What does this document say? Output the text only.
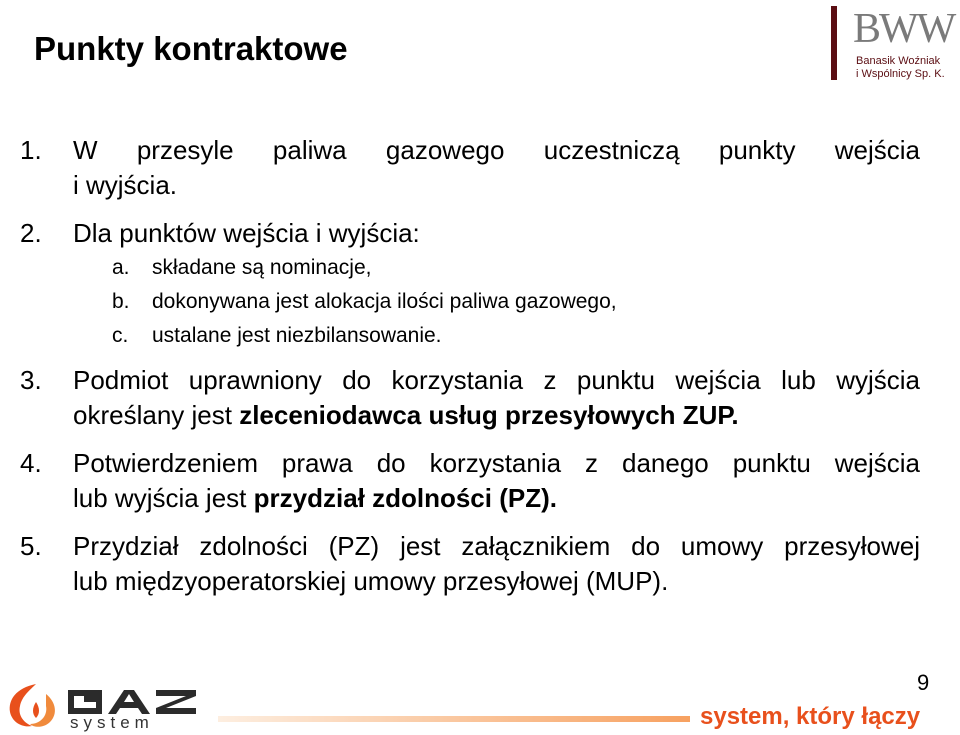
Punkty kontraktowe	BWW
Banasik Woźniak
i Wspólnicy Sp. K.
1. W przesyle paliwa gazowego uczestniczą punkty wejścia
i wyjścia.
2. Dla punktów wejścia i wyjścia:
a. składane są nominacje,
b. dokonywana jest alokacja ilości paliwa gazowego,
c. ustalane jest niezbilansowanie.
3. Podmiot uprawniony do korzystania z punktu wejścia lub wyjścia
określany jest zleceniodawca usług przesyłowych ZUP.
4. Potwierdzeniem prawa do korzystania z danego punktu wejścia
lub wyjścia jest przydział zdolności (PZ).
5. Przydział zdolności (PZ) jest załącznikiem do umowy przesyłowej
lub międzyoperatorskiej umowy przesyłowej (MUP).
9
system	system, który łączy
